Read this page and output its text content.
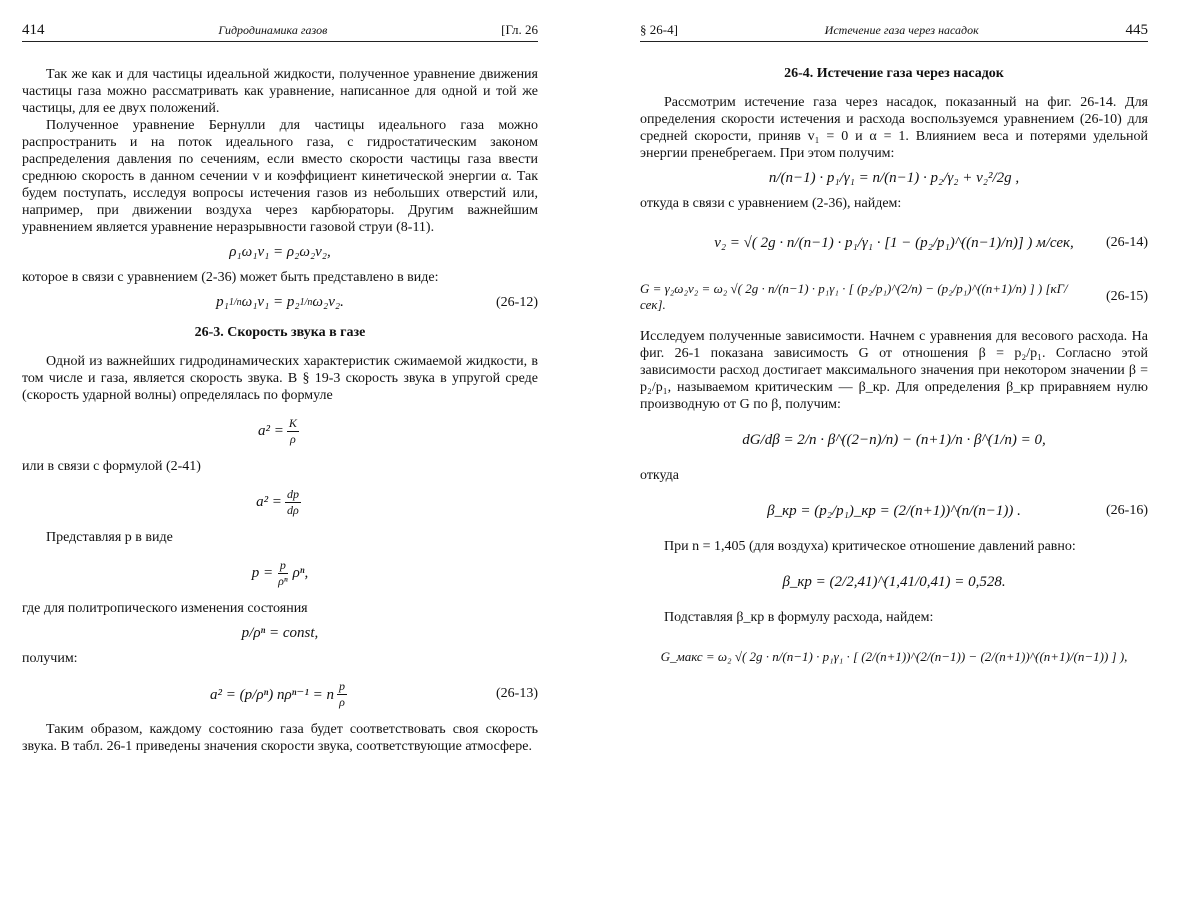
414	Гидродинамика газов	[Гл. 26

Так же как и для частицы идеальной жидкости, полученное уравнение движения частицы газа можно рассматривать как уравнение, написанное для одной и той же частицы, для ее двух положений.

Полученное уравнение Бернулли для частицы идеального газа можно распространить и на поток идеального газа, с гидростатическим законом распределения давления по сечениям, если вместо скорости частицы газа ввести среднюю скорость в данном сечении v и коэффициент кинетической энергии α. Так будем поступать, исследуя вопросы истечения газов из небольших отверстий или, например, при движении воздуха через карбюраторы. Другим важнейшим уравнением является уравнение неразрывности газовой струи (8-11).

ρ₁ω₁v₁ = ρ₂ω₂v₂,

которое в связи с уравнением (2-36) может быть представлено в виде:

p₁ 1/n ω₁v₁ = p₂ 1/n ω₂v₂.	(26-12)
26-3. Скорость звука в газе

Одной из важнейших гидродинамических характеристик сжимаемой жидкости, в том числе и газа, является скорость звука. В § 19-3 скорость звука в упругой среде (скорость ударной волны) определялась по формуле

$a^2 = \frac{K}{\rho}$

или в связи с формулой (2-41)

$a^2 = \frac{dp}{d\rho}$

Представляя p в виде

$p = \frac{p}{\text{ρⁿ}} \rho^n$,

где для политропического изменения состояния

p/ρⁿ = const,

получим:

a² = (p/ρⁿ) nρⁿ⁻¹ = n $\frac{p}{\rho}$	(26-13)

Таким образом, каждому состоянию газа будет соответствовать своя скорость звука. В табл. 26-1 приведены значения скорости звука, соответствующие атмосфере.

§ 26-4]	Истечение газа через насадок	445
26-4. Истечение газа через насадок

Рассмотрим истечение газа через насадок, показанный на фиг. 26-14. Для определения скорости истечения и расхода воспользуемся уравнением (26-10) для средней скорости, приняв v₁ = 0 и α = 1. Влиянием веса и потерями удельной энергии пренебрегаем. При этом получим:

n/(n−1) · p₁/γ₁ = n/(n−1) · p₂/γ₂ + v₂²/2g ,

откуда в связи с уравнением (2-36), найдем:

v₂ = √( 2g · n/(n−1) · p₁/γ₁ · [1 − (p₂/p₁)^((n−1)/n)] ) м/сек, (26-14)
G = γ₂ω₂v₂ = ω₂ √( 2g · n/(n−1) · p₁γ₁ · [ (p₂/p₁)^(2/n) − (p₂/p₁)^((n+1)/n) ] ) [кГ/сек].
(26-15)

Исследуем полученные зависимости. Начнем с уравнения для весового расхода. На фиг. 26-1 показана зависимость G от отношения β = p₂/p₁. Согласно этой зависимости расход достигает максимального значения при некотором значении β = p₂/p₁, называемом критическим — β_кр. Для определения β_кр приравняем нулю производную от G по β, получим:

dG/dβ = 2/n · β^((2−n)/n) − (n+1)/n · β^(1/n) = 0,

откуда

β_кр = (p₂/p₁)_кр = (2/(n+1))^(n/(n−1)) .	(26-16)

При n = 1,405 (для воздуха) критическое отношение давлений равно:

β_кр = (2/2,41)^(1,41/0,41) = 0,528.

Подставляя β_кр в формулу расхода, найдем:

G_макс = ω₂ √( 2g · n/(n−1) · p₁γ₁ · [ (2/(n+1))^(2/(n−1)) − (2/(n+1))^((n+1)/(n−1)) ] ),
